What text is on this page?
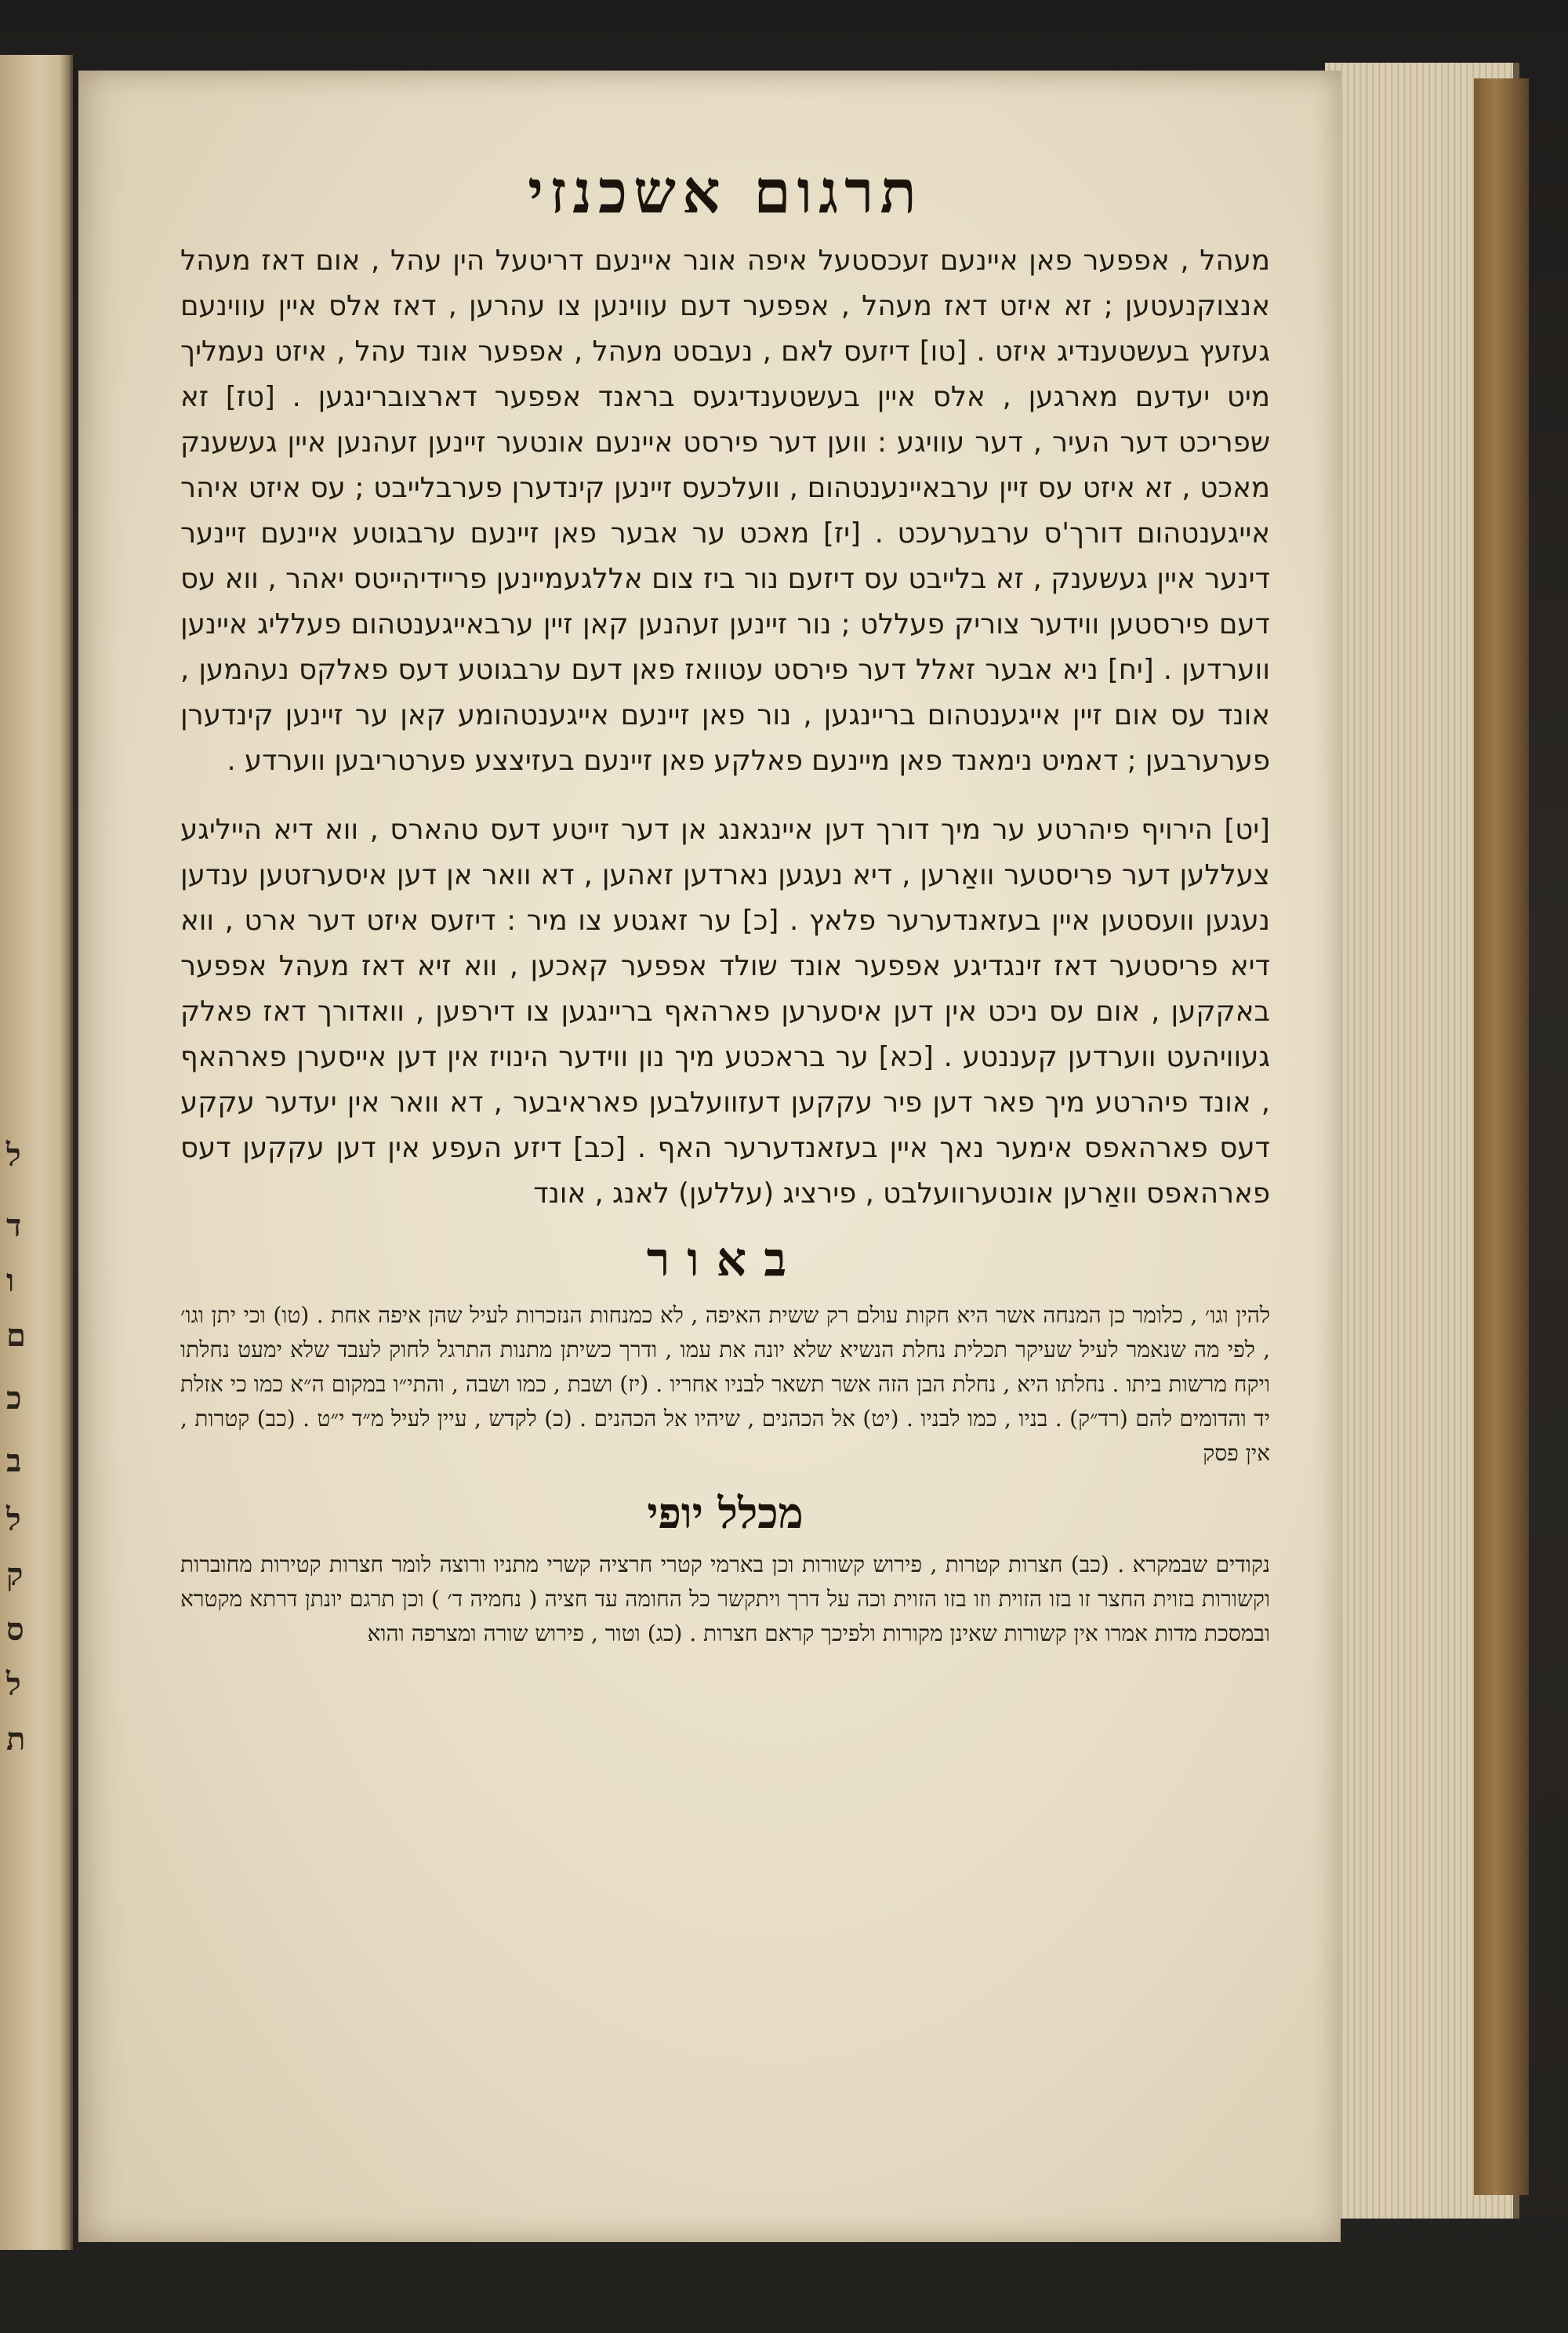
ל
ד
ו
ם
כ
ב
ל
ק
ס
ל
ת
תרגום אשכנזי

מעהל , אפפער פאן איינעם זעכסטעל איפה אונר איינעם דריטעל הין עהל , אום דאז מעהל אנצוקנעטען ; זא איזט דאז מעהל , אפפער דעם עווינען צו עהרען , דאז אלס איין עווינעם געזעץ בעשטענדיג איזט . [טו] דיזעס לאם , נעבסט מעהל , אפפער אונד עהל , איזט נעמליך מיט יעדעם מארגען , אלס איין בעשטענדיגעס בראנד אפפער דארצוברינגען . [טז] זא שפריכט דער העיר , דער עוויגע : ווען דער פירסט איינעם אונטער זיינען זעהנען איין געשענק מאכט , זא איזט עס זיין ערבאיינענטהום , וועלכעס זיינען קינדערן פערבלייבט ; עס איזט איהר אייגענטהום דורך'ס ערבערעכט . [יז] מאכט ער אבער פאן זיינעם ערבגוטע איינעם זיינער דינער איין געשענק , זא בלייבט עס דיזעם נור ביז צום אללגעמיינען פריידיהייטס יאהר , ווא עס דעם פירסטען ווידער צוריק פעללט ; נור זיינען זעהנען קאן זיין ערבאייגענטהום פעלליג איינען ווערדען . [יח] ניא אבער זאלל דער פירסט עטוואז פאן דעם ערבגוטע דעס פאלקס נעהמען , אונד עס אום זיין אייגענטהום בריינגען , נור פאן זיינעם אייגענטהומע קאן ער זיינען קינדערן פערערבען ; דאמיט נימאנד פאן מיינעם פאלקע פאן זיינעם בעזיצצע פערטריבען ווערדע .

[יט] הירויף פיהרטע ער מיך דורך דען איינגאנג אן דער זייטע דעס טהארס , ווא דיא הייליגע צעללען דער פריסטער וואַרען , דיא נעגען נארדען זאהען , דא וואר אן דען איסערזטען ענדען נעגען וועסטען איין בעזאנדערער פלאץ . [כ] ער זאגטע צו מיר : דיזעס איזט דער ארט , ווא דיא פריסטער דאז זינגדיגע אפפער אונד שולד אפפער קאכען , ווא זיא דאז מעהל אפפער באקקען , אום עס ניכט אין דען איסערען פארהאף בריינגען צו דירפען , וואדורך דאז פאלק געוויהעט ווערדען קעננטע . [כא] ער בראכטע מיך נון ווידער הינויז אין דען אייסערן פארהאף , אונד פיהרטע מיך פאר דען פיר עקקען דעזוועלבען פאראיבער , דא וואר אין יעדער עקקע דעס פארהאפס אימער נאך איין בעזאנדערער האף . [כב] דיזע העפע אין דען עקקען דעס פארהאפס וואַרען אונטערוועלבט , פירציג (עללען) לאנג , אונד

באור

להין וגו׳ , כלומר כן המנחה אשר היא חקות עולם רק ששית האיפה , לא כמנחות הנזכרות לעיל שהן איפה אחת . (טו) וכי יתן וגו׳ , לפי מה שנאמר לעיל שעיקר תכלית נחלת הנשיא שלא יונה את עמו , ודרך כשיתן מתנות התרגל לחוק לעבד שלא ימעט נחלתו ויקח מרשות ביתו . נחלתו היא , נחלת הבן הזה אשר תשאר לבניו אחריו . (יז) ושבת , כמו ושבה , והתי״ו במקום ה״א כמו כי אזלת יד והדומים להם (רד״ק) . בניו , כמו לבניו . (יט) אל הכהנים , שיהיו אל הכהנים . (כ) לקדש , עיין לעיל מ״ד י״ט . (כב) קטרות , אין פסק

מכלל יופי

נקודים שבמקרא . (כב) חצרות קטרות , פירוש קשורות וכן בארמי קטרי חרציה קשרי מתניו ורוצה לומר חצרות קטירות מחוברות וקשורות בזוית החצר זו בזו הזוית וזו בזו הזוית וכה על דרך ויתקשר כל החומה עד חציה ( נחמיה ד׳ ) וכן תרגם יונתן דרתא מקטרא ובמסכת מדות אמרו אין קשורות שאינן מקורות ולפיכך קראם חצרות . (כג) וטור , פירוש שורה ומצרפה והוא
